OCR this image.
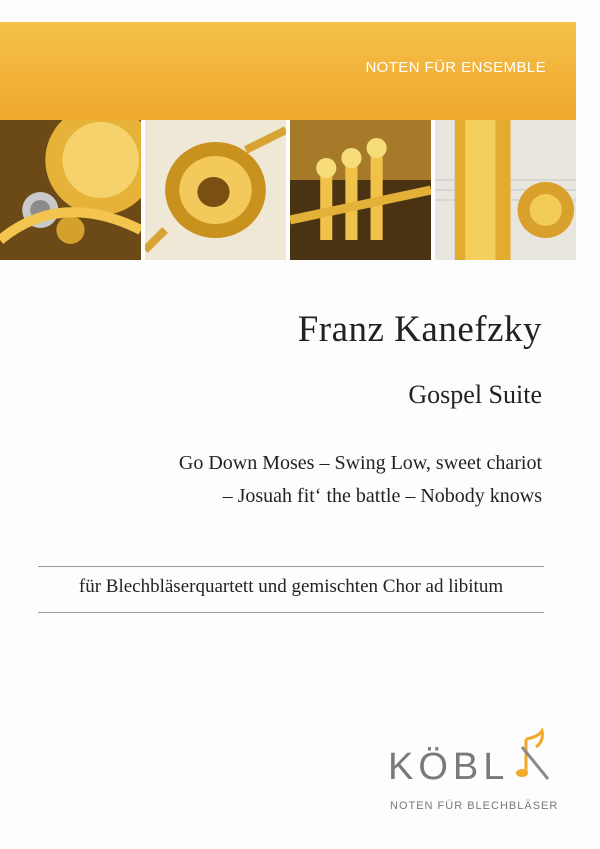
NOTEN FÜR ENSEMBLE
Franz Kanefzky
Gospel Suite
Go Down Moses – Swing Low, sweet chariot
– Josuah fit‘ the battle – Nobody knows
für Blechbläserquartett und gemischten Chor ad libitum
KÖBL
NOTEN FÜR BLECHBLÄSER
